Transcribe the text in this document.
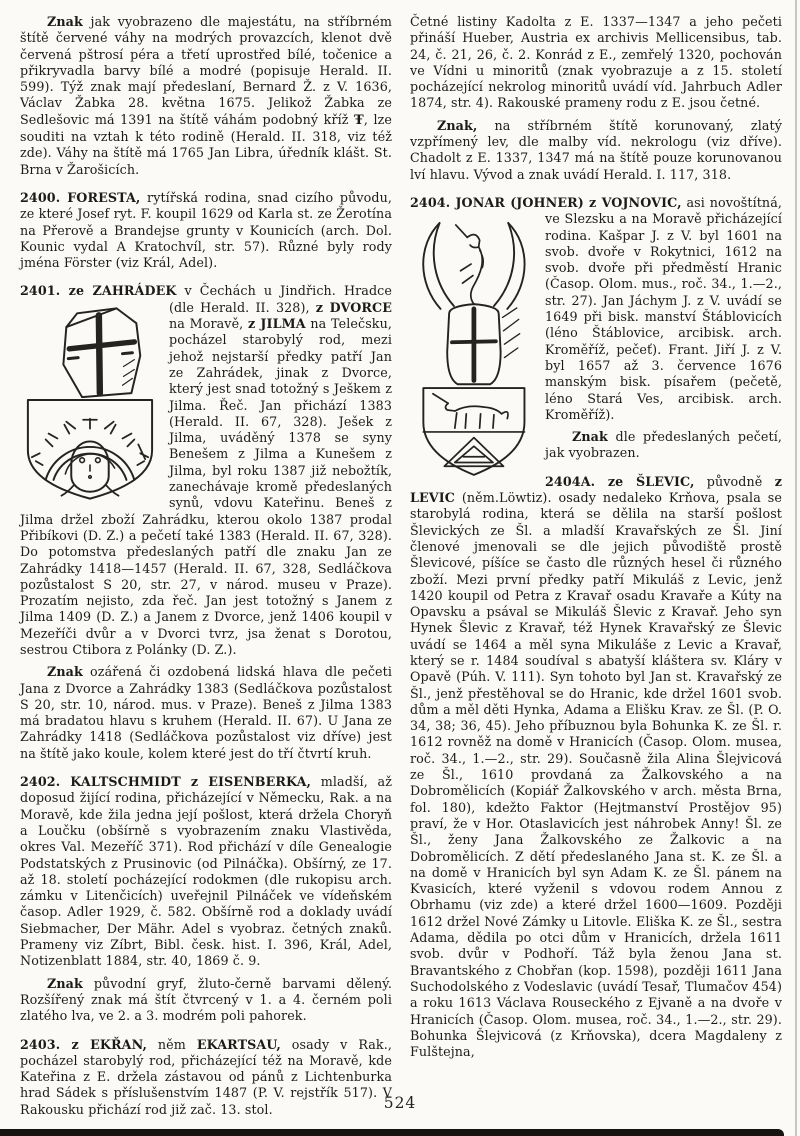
Znak jak vyobrazeno dle majestátu, na stříbrném štítě červené váhy na modrých provazcích, klenot dvě červená pštrosí péra a třetí uprostřed bílé, točenice a přikryvadla barvy bílé a modré (popisuje Herald. II. 599). Týž znak mají předeslaní, Bernard Ž. z V. 1636, Václav Žabka 28. května 1675. Jelikož Žabka ze Sedlešovic má 1391 na štítě váhám podobný kříž Ŧ, lze souditi na vztah k této rodině (Herald. II. 318, viz též zde). Váhy na štítě má 1765 Jan Libra, úředník klášt. St. Brna v Žarošicích.

2400. FORESTA, rytířská rodina, snad cizího původu, ze které Josef ryt. F. koupil 1629 od Karla st. ze Žerotína na Přerově a Brandejse grunty v Kounicích (arch. Dol. Kounic vydal A Kratochvíl, str. 57). Různé byly rody jména Förster (viz Král, Adel).

2401. ze ZAHRÁDEK v Čechách u Jindřich. Hradce
(dle Herald. II. 328), z DVORCE na Moravě, z JILMA na Telečsku, pocházel starobylý rod, mezi jehož nejstarší předky patří Jan ze Zahrádek, jinak z Dvorce, který jest snad totožný s Ješkem z Jilma. Řeč. Jan přichází 1383 (Herald. II. 67, 328). Ješek z Jilma, uváděný 1378 se syny Benešem z Jilma a Kunešem z Jilma, byl roku 1387 již nebožtík, zanechávaje kromě předeslaných synů, vdovu Kateřinu. Beneš z Jilma držel zboží Zahrádku, kterou okolo 1387 prodal Přibíkovi (D. Z.) a pečetí také 1383 (Herald. II. 67, 328). Do potomstva předeslaných patří dle znaku Jan ze Zahrádky 1418—1457 (Herald. II. 67, 328, Sedláčkova pozůstalost S 20, str. 27, v národ. museu v Praze). Prozatím nejisto, zda řeč. Jan jest totožný s Janem z Jilma 1409 (D. Z.) a Janem z Dvorce, jenž 1406 koupil v Mezeříči dvůr a v Dvorci tvrz, jsa ženat s Dorotou, sestrou Ctibora z Polánky (D. Z.).

Znak ozářená či ozdobená lidská hlava dle pečeti Jana z Dvorce a Zahrádky 1383 (Sedláčkova pozůstalost S 20, str. 10, národ. mus. v Praze). Beneš z Jilma 1383 má bradatou hlavu s kruhem (Herald. II. 67). U Jana ze Zahrádky 1418 (Sedláčkova pozůstalost viz dříve) jest na štítě jako koule, kolem které jest do tří čtvrtí kruh.

2402. KALTSCHMIDT z EISENBERKA, mladší, až doposud žijící rodina, přicházející v Německu, Rak. a na Moravě, kde žila jedna její pošlost, která držela Choryň a Loučku (obšírně s vyobrazením znaku Vlastivěda, okres Val. Mezeříč 371). Rod přichází v díle Genealogie Podstatských z Prusinovic (od Pilnáčka). Obšírný, ze 17. až 18. století pocházející rodokmen (dle rukopisu arch. zámku v Litenčicích) uveřejnil Pilnáček ve vídeňském časop. Adler 1929, č. 582. Obšírně rod a doklady uvádí Siebmacher, Der Mähr. Adel s vyobraz. četných znaků. Prameny viz Zíbrt, Bibl. česk. hist. I. 396, Král, Adel, Notizenblatt 1884, str. 40, 1869 č. 9.

Znak původní gryf, žluto-černě barvami dělený. Rozšířený znak má štít čtvrcený v 1. a 4. černém poli zlatého lva, ve 2. a 3. modrém poli pahorek.

2403. z EKŘAN, něm EKARTSAU, osady v Rak., pocházel starobylý rod, přicházející též na Moravě, kde Kateřina z E. držela zástavou od pánů z Lichtenburka hrad Sádek s příslušenstvím 1487 (P. V. rejstřík 517). V Rakousku přichází rod již zač. 13. stol.

Četné listiny Kadolta z E. 1337—1347 a jeho pečeti přináší Hueber, Austria ex archivis Mellicensibus, tab. 24, č. 21, 26, č. 2. Konrád z E., zemřelý 1320, pochován ve Vídni u minoritů (znak vyobrazuje a z 15. století pocházející nekrolog minoritů uvádí víd. Jahrbuch Adler 1874, str. 4). Rakouské prameny rodu z E. jsou četné.

Znak, na stříbrném štítě korunovaný, zlatý vzpřímený lev, dle malby víd. nekrologu (viz dříve). Chadolt z E. 1337, 1347 má na štítě pouze korunovanou lví hlavu. Vývod a znak uvádí Herald. I. 117, 318.

2404. JONAR (JOHNER) z VOJNOVIC, asi
novoštítná, ve Slezsku a na Moravě přicházející rodina. Kašpar J. z V. byl 1601 na svob. dvoře v Rokytnici, 1612 na svob. dvoře při předměstí Hranic (Časop. Olom. mus., roč. 34., 1.—2., str. 27). Jan Jáchym J. z V. uvádí se 1649 při bisk. manství Štáblovicích (léno Štáblovice, arcibisk. arch. Kroměříž, pečeť). Frant. Jiří J. z V. byl 1657 až 3. července 1676 manským bisk. písařem (pečetě, léno Stará Ves, arcibisk. arch. Kroměříž).

Znak dle předeslaných pečetí, jak vyobrazen.

2404A. ze ŠLEVIC, původně z LEVIC (něm.Löwtiz). osady nedaleko Krňova, psala se starobylá rodina, která se dělila na starší pošlost Šlevických ze Šl. a mladší Kravařských ze Šl. Jiní členové jmenovali se dle jejich původiště prostě Šlevicové, píšíce se často dle různých hesel či různého zboží. Mezi první předky patří Mikuláš z Levic, jenž 1420 koupil od Petra z Kravař osadu Kravaře a Kúty na Opavsku a psával se Mikuláš Šlevic z Kravař. Jeho syn Hynek Šlevic z Kravař, též Hynek Kravařský ze Šlevic uvádí se 1464 a měl syna Mikuláše z Levic a Kravař, který se r. 1484 soudíval s abatyší kláštera sv. Kláry v Opavě (Púh. V. 111). Syn tohoto byl Jan st. Kravařský ze Šl., jenž přestěhoval se do Hranic, kde držel 1601 svob. dům a měl děti Hynka, Adama a Elišku Krav. ze Šl. (P. O. 34, 38; 36, 45). Jeho příbuznou byla Bohunka K. ze Šl. r. 1612 rovněž na domě v Hranicích (Časop. Olom. musea, roč. 34., 1.—2., str. 29). Současně žila Alina Šlejvicová ze Šl., 1610 provdaná za Žalkovského a na Dobromělicích (Kopiář Žalkovského v arch. města Brna, fol. 180), kdežto Faktor (Hejtmanství Prostějov 95) praví, že v Hor. Otaslavicích jest náhrobek Anny! Šl. ze Šl., ženy Jana Žalkovského ze Žalkovic a na Dobromělicích. Z dětí předeslaného Jana st. K. ze Šl. a na domě v Hranicích byl syn Adam K. ze Šl. pánem na Kvasicích, které vyženil s vdovou rodem Annou z Obrhamu (viz zde) a které držel 1600—1609. Později 1612 držel Nové Zámky u Litovle. Eliška K. ze Šl., sestra Adama, dědila po otci dům v Hranicích, držela 1611 svob. dvůr v Podhoří. Táž byla ženou Jana st. Bravantského z Chobřan (kop. 1598), později 1611 Jana Suchodolského z Vodeslavic (uvádí Tesař, Tlumačov 454) a roku 1613 Václava Rouseckého z Ejvaně a na dvoře v Hranicích (Časop. Olom. musea, roč. 34., 1.—2., str. 29). Bohunka Šlejvicová (z Krňovska), dcera Magdaleny z Fulštejna,

524
